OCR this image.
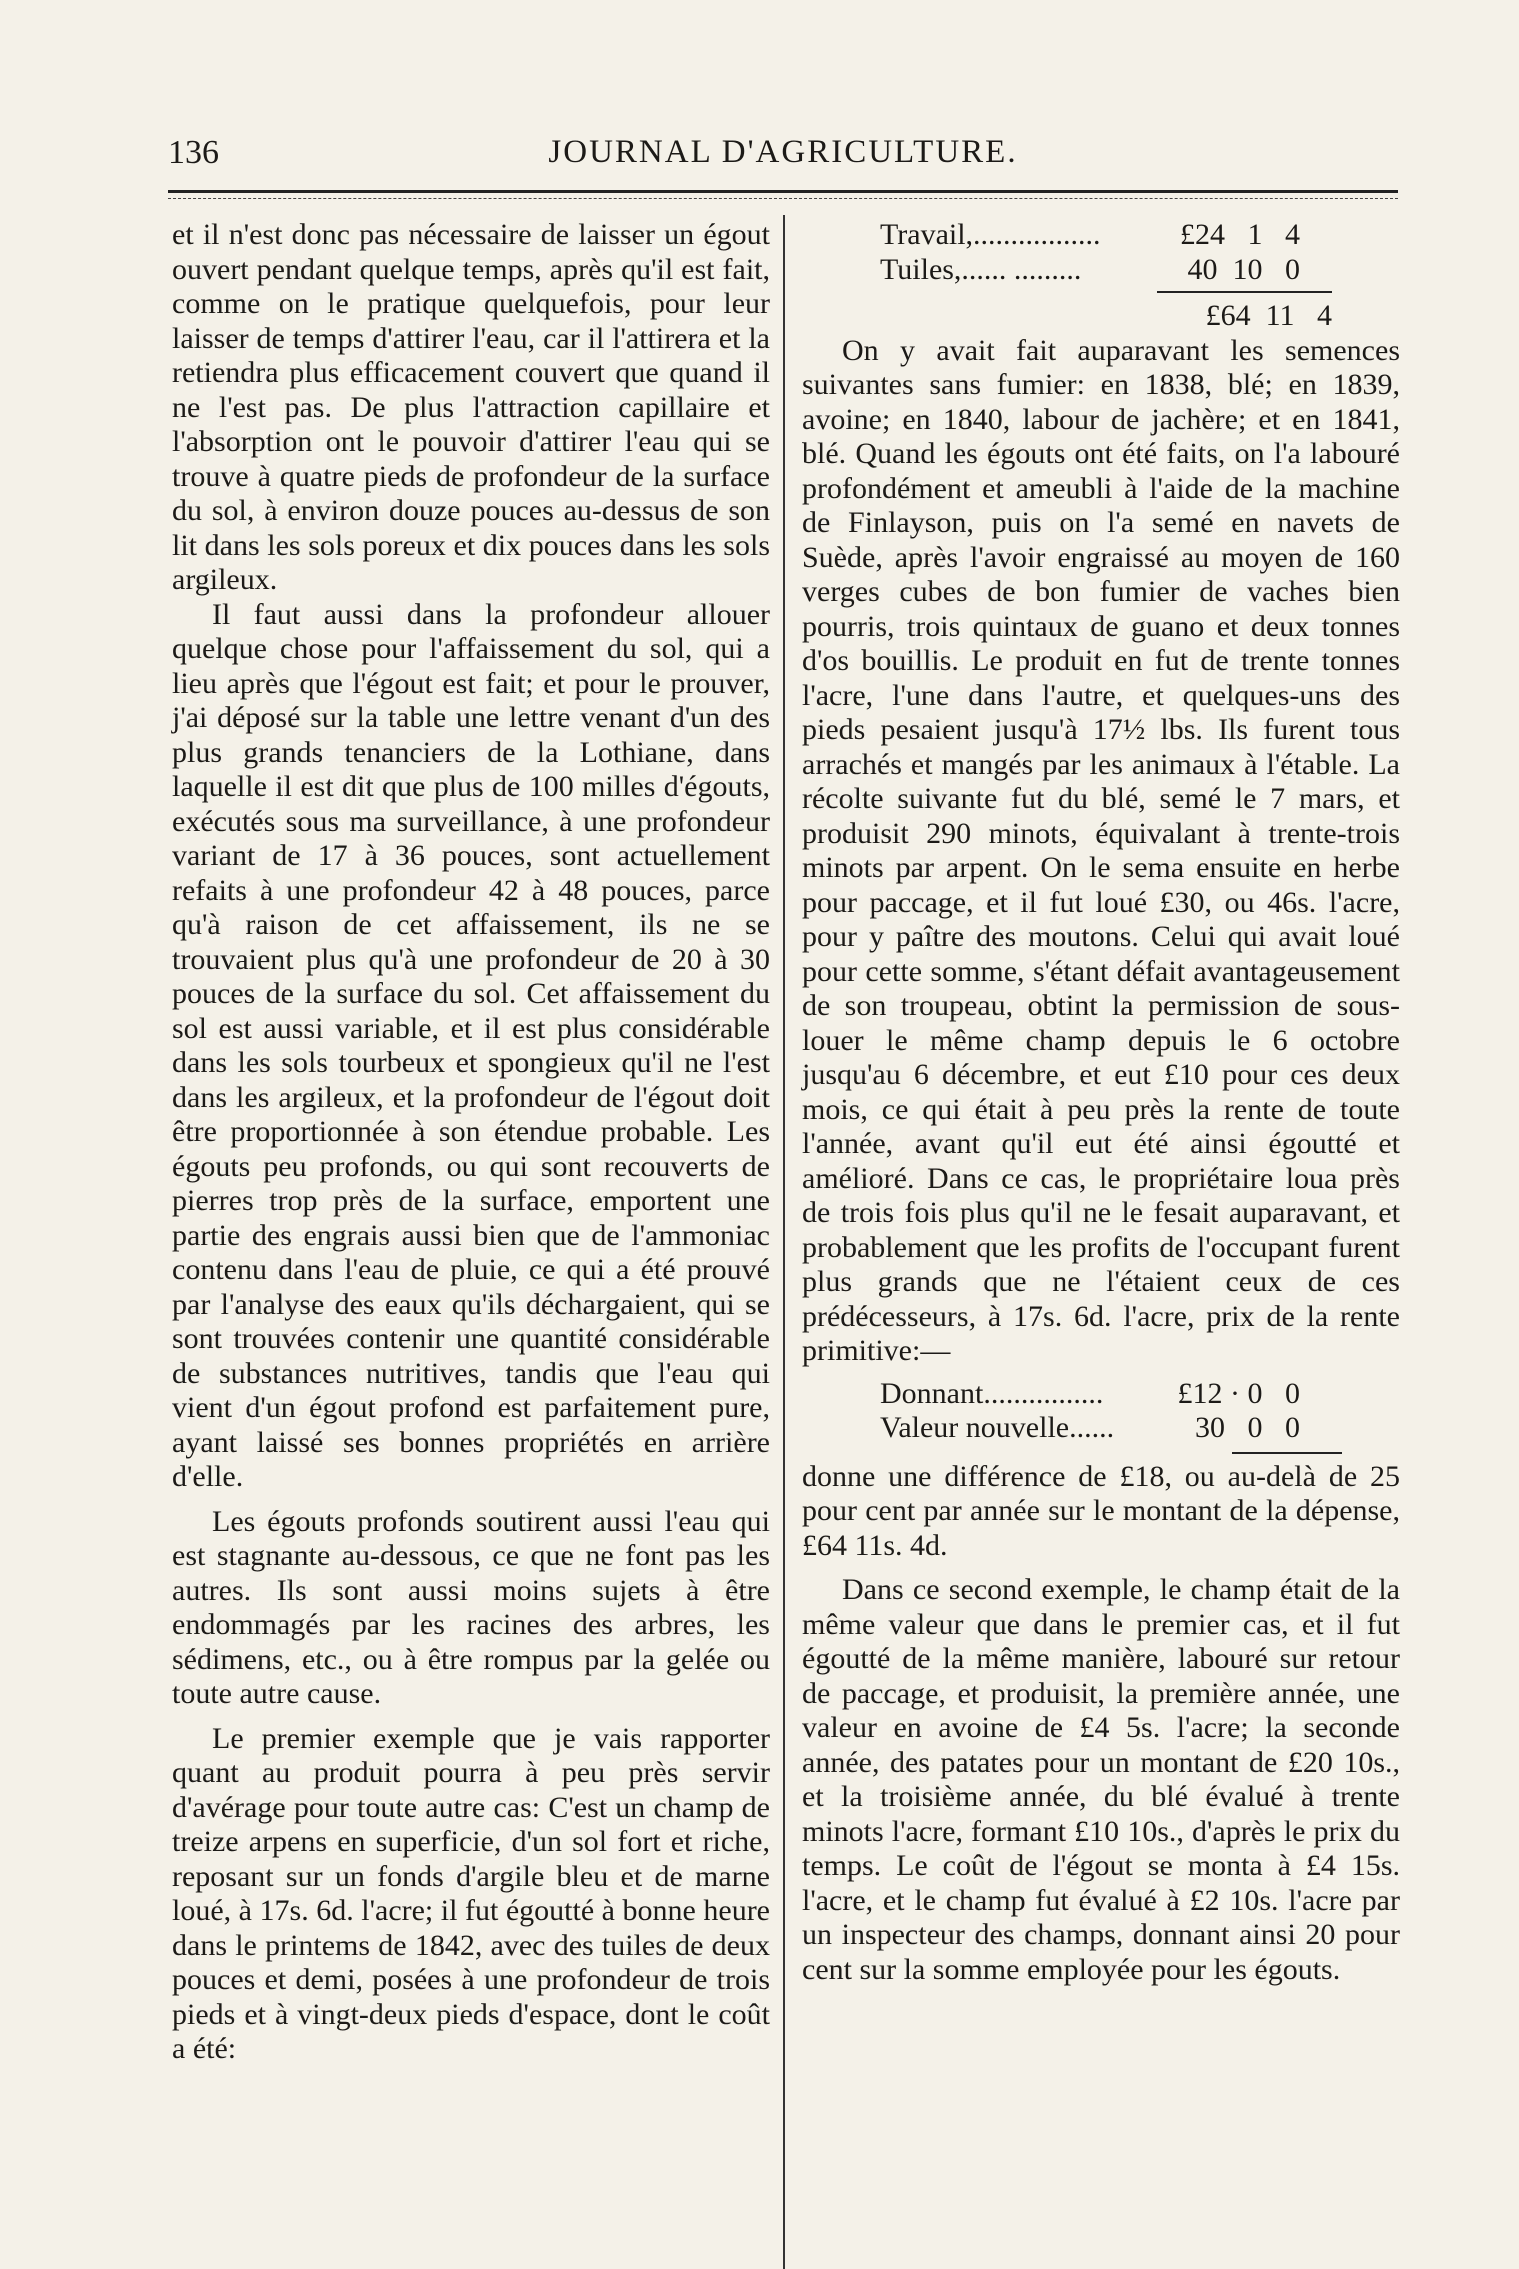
136	JOURNAL D'AGRICULTURE.

et il n'est donc pas nécessaire de laisser un égout ouvert pendant quelque temps, après qu'il est fait, comme on le pratique quelquefois, pour leur laisser de temps d'attirer l'eau, car il l'attirera et la retiendra plus efficacement couvert que quand il ne l'est pas. De plus l'attraction capillaire et l'absorption ont le pouvoir d'attirer l'eau qui se trouve à quatre pieds de profondeur de la surface du sol, à environ douze pouces au-dessus de son lit dans les sols poreux et dix pouces dans les sols argileux.

Il faut aussi dans la profondeur allouer quelque chose pour l'affaissement du sol, qui a lieu après que l'égout est fait; et pour le prouver, j'ai déposé sur la table une lettre venant d'un des plus grands tenanciers de la Lothiane, dans laquelle il est dit que plus de 100 milles d'égouts, exécutés sous ma surveillance, à une profondeur variant de 17 à 36 pouces, sont actuellement refaits à une profondeur 42 à 48 pouces, parce qu'à raison de cet affaissement, ils ne se trouvaient plus qu'à une profondeur de 20 à 30 pouces de la surface du sol. Cet affaissement du sol est aussi variable, et il est plus considérable dans les sols tourbeux et spongieux qu'il ne l'est dans les argileux, et la profondeur de l'égout doit être proportionnée à son étendue probable. Les égouts peu profonds, ou qui sont recouverts de pierres trop près de la surface, emportent une partie des engrais aussi bien que de l'ammoniac contenu dans l'eau de pluie, ce qui a été prouvé par l'analyse des eaux qu'ils déchargaient, qui se sont trouvées contenir une quantité considérable de substances nutritives, tandis que l'eau qui vient d'un égout profond est parfaitement pure, ayant laissé ses bonnes propriétés en arrière d'elle.

Les égouts profonds soutirent aussi l'eau qui est stagnante au-dessous, ce que ne font pas les autres. Ils sont aussi moins sujets à être endommagés par les racines des arbres, les sédimens, etc., ou à être rompus par la gelée ou toute autre cause.

Le premier exemple que je vais rapporter quant au produit pourra à peu près servir d'avérage pour toute autre cas: C'est un champ de treize arpens en superficie, d'un sol fort et riche, reposant sur un fonds d'argile bleu et de marne loué, à 17s. 6d. l'acre; il fut égoutté à bonne heure dans le printems de 1842, avec des tuiles de deux pouces et demi, posées à une profondeur de trois pieds et à vingt-deux pieds d'espace, dont le coût a été:

Travail,.................	£24   1   4
Tuiles,...... .........	40  10   0
£64  11   4

On y avait fait auparavant les semences suivantes sans fumier: en 1838, blé; en 1839, avoine; en 1840, labour de jachère; et en 1841, blé. Quand les égouts ont été faits, on l'a labouré profondément et ameubli à l'aide de la machine de Finlayson, puis on l'a semé en navets de Suède, après l'avoir engraissé au moyen de 160 verges cubes de bon fumier de vaches bien pourris, trois quintaux de guano et deux tonnes d'os bouillis. Le produit en fut de trente tonnes l'acre, l'une dans l'autre, et quelques-uns des pieds pesaient jusqu'à 17½ lbs. Ils furent tous arrachés et mangés par les animaux à l'étable. La récolte suivante fut du blé, semé le 7 mars, et produisit 290 minots, équivalant à trente-trois minots par arpent. On le sema ensuite en herbe pour paccage, et il fut loué £30, ou 46s. l'acre, pour y paître des moutons. Celui qui avait loué pour cette somme, s'étant défait avantageusement de son troupeau, obtint la permission de sous-louer le même champ depuis le 6 octobre jusqu'au 6 décembre, et eut £10 pour ces deux mois, ce qui était à peu près la rente de toute l'année, avant qu'il eut été ainsi égoutté et amélioré. Dans ce cas, le propriétaire loua près de trois fois plus qu'il ne le fesait auparavant, et probablement que les profits de l'occupant furent plus grands que ne l'étaient ceux de ces prédécesseurs, à 17s. 6d. l'acre, prix de la rente primitive:—

Donnant................ £12 · 0   0
Valeur nouvelle......	30   0   0

donne une différence de £18, ou au-delà de 25 pour cent par année sur le montant de la dépense, £64 11s. 4d.

Dans ce second exemple, le champ était de la même valeur que dans le premier cas, et il fut égoutté de la même manière, labouré sur retour de paccage, et produisit, la première année, une valeur en avoine de £4 5s. l'acre; la seconde année, des patates pour un montant de £20 10s., et la troisième année, du blé évalué à trente minots l'acre, formant £10 10s., d'après le prix du temps. Le coût de l'égout se monta à £4 15s. l'acre, et le champ fut évalué à £2 10s. l'acre par un inspecteur des champs, donnant ainsi 20 pour cent sur la somme employée pour les égouts.
